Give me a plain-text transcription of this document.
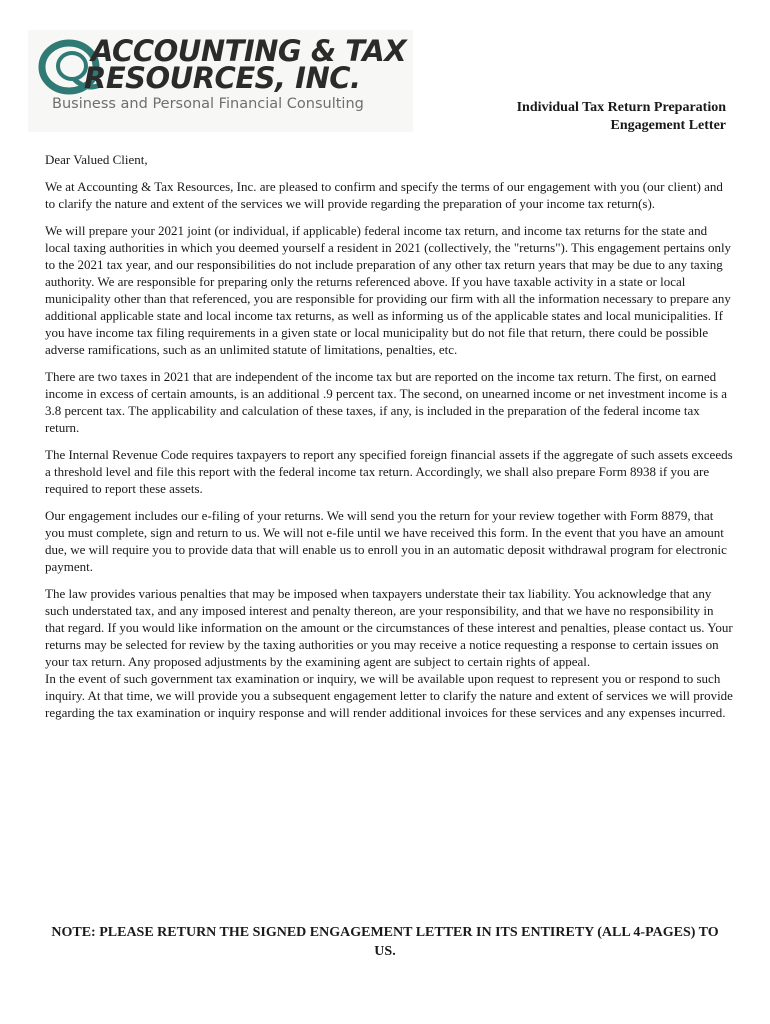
ACCOUNTING & TAX
RESOURCES, INC.
Business and Personal Financial Consulting	Individual Tax Return Preparation
Engagement Letter

Dear Valued Client,

We at Accounting & Tax Resources, Inc. are pleased to confirm and specify the terms of our engagement with you (our client) and to clarify the nature and extent of the services we will provide regarding the preparation of your income tax return(s).

We will prepare your 2021 joint (or individual, if applicable) federal income tax return, and income tax returns for the state and local taxing authorities in which you deemed yourself a resident in 2021 (collectively, the "returns"). This engagement pertains only to the 2021 tax year, and our responsibilities do not include preparation of any other tax return years that may be due to any taxing authority. We are responsible for preparing only the returns referenced above. If you have taxable activity in a state or local municipality other than that referenced, you are responsible for providing our firm with all the information necessary to prepare any additional applicable state and local income tax returns, as well as informing us of the applicable states and local municipalities. If you have income tax filing requirements in a given state or local municipality but do not file that return, there could be possible adverse ramifications, such as an unlimited statute of limitations, penalties, etc.

There are two taxes in 2021 that are independent of the income tax but are reported on the income tax return. The first, on earned income in excess of certain amounts, is an additional .9 percent tax. The second, on unearned income or net investment income is a 3.8 percent tax. The applicability and calculation of these taxes, if any, is included in the preparation of the federal income tax return.

The Internal Revenue Code requires taxpayers to report any specified foreign financial assets if the aggregate of such assets exceeds a threshold level and file this report with the federal income tax return. Accordingly, we shall also prepare Form 8938 if you are required to report these assets.

Our engagement includes our e-filing of your returns. We will send you the return for your review together with Form 8879, that you must complete, sign and return to us. We will not e-file until we have received this form. In the event that you have an amount due, we will require you to provide data that will enable us to enroll you in an automatic deposit withdrawal program for electronic payment.

The law provides various penalties that may be imposed when taxpayers understate their tax liability. You acknowledge that any such understated tax, and any imposed interest and penalty thereon, are your responsibility, and that we have no responsibility in that regard. If you would like information on the amount or the circumstances of these interest and penalties, please contact us. Your returns may be selected for review by the taxing authorities or you may receive a notice requesting a response to certain issues on your tax return. Any proposed adjustments by the examining agent are subject to certain rights of appeal.

In the event of such government tax examination or inquiry, we will be available upon request to represent you or respond to such inquiry. At that time, we will provide you a subsequent engagement letter to clarify the nature and extent of services we will provide regarding the tax examination or inquiry response and will render additional invoices for these services and any expenses incurred.

NOTE: PLEASE RETURN THE SIGNED ENGAGEMENT LETTER IN ITS ENTIRETY (ALL 4-PAGES) TO US.
